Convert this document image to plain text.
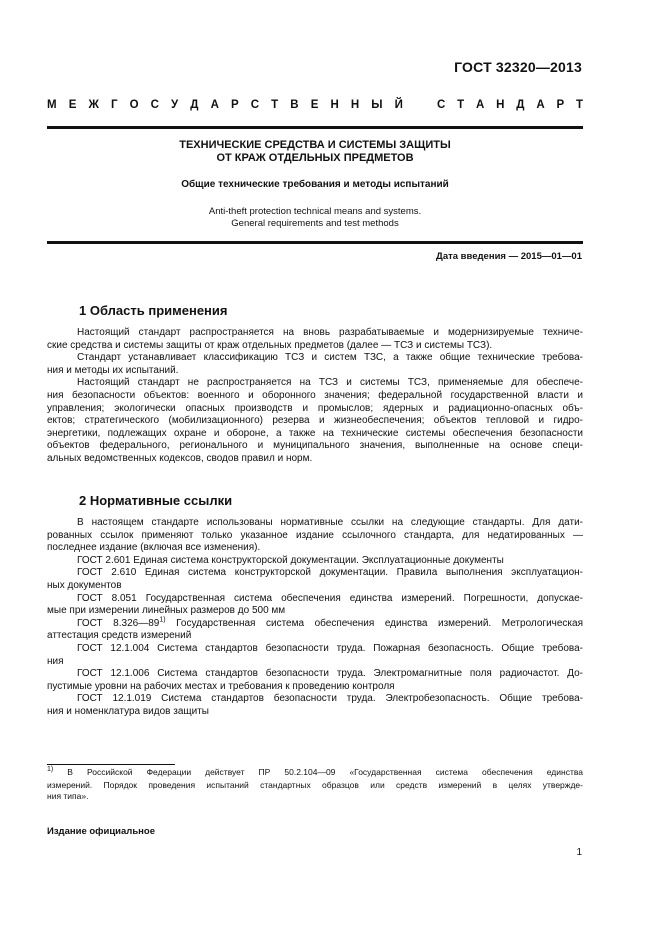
ГОСТ 32320—2013
М Е Ж Г О С У Д А Р С Т В Е Н Н Ы Й	С Т А Н Д А Р Т
ТЕХНИЧЕСКИЕ СРЕДСТВА И СИСТЕМЫ ЗАЩИТЫ
ОТ КРАЖ ОТДЕЛЬНЫХ ПРЕДМЕТОВ
Общие технические требования и методы испытаний
Anti-theft protection technical means and systems.
General requirements and test methods
Дата введения — 2015—01—01
1 Область применения
Настоящий стандарт распространяется на вновь разрабатываемые и модернизируемые техниче-
ские средства и системы защиты от краж отдельных предметов (далее — ТСЗ и системы ТСЗ).
Стандарт устанавливает классификацию ТСЗ и систем ТЗС, а также общие технические требова-
ния и методы их испытаний.
Настоящий стандарт не распространяется на ТСЗ и системы ТСЗ, применяемые для обеспече-
ния безопасности объектов: военного и оборонного значения; федеральной государственной власти и
управления; экологически опасных производств и промыслов; ядерных и радиационно-опасных объ-
ектов; стратегического (мобилизационного) резерва и жизнеобеспечения; объектов тепловой и гидро-
энергетики, подлежащих охране и обороне, а также на технические системы обеспечения безопасности
объектов федерального, регионального и муниципального значения, выполненные на основе специ-
альных ведомственных кодексов, сводов правил и норм.
2 Нормативные ссылки
В настоящем стандарте использованы нормативные ссылки на следующие стандарты. Для дати-
рованных ссылок применяют только указанное издание ссылочного стандарта, для недатированных —
последнее издание (включая все изменения).
ГОСТ 2.601 Единая система конструкторской документации. Эксплуатационные документы
ГОСТ 2.610 Единая система конструкторской документации. Правила выполнения эксплуатацион-
ных документов
ГОСТ 8.051 Государственная система обеспечения единства измерений. Погрешности, допускае-
мые при измерении линейных размеров до 500 мм
ГОСТ 8.326—89$^{1)}$ Государственная система обеспечения единства измерений. Метрологическая
аттестация средств измерений
ГОСТ 12.1.004 Система стандартов безопасности труда. Пожарная безопасность. Общие требова-
ния
ГОСТ 12.1.006 Система стандартов безопасности труда. Электромагнитные поля радиочастот. До-
пустимые уровни на рабочих местах и требования к проведению контроля
ГОСТ 12.1.019 Система стандартов безопасности труда. Электробезопасность. Общие требова-
ния и номенклатура видов защиты
$^{1)}$ В Российской Федерации действует ПР 50.2.104—09 «Государственная система обеспечения единства
измерений. Порядок проведения испытаний стандартных образцов или средств измерений в целях утвержде-
ния типа».
Издание официальное
1
